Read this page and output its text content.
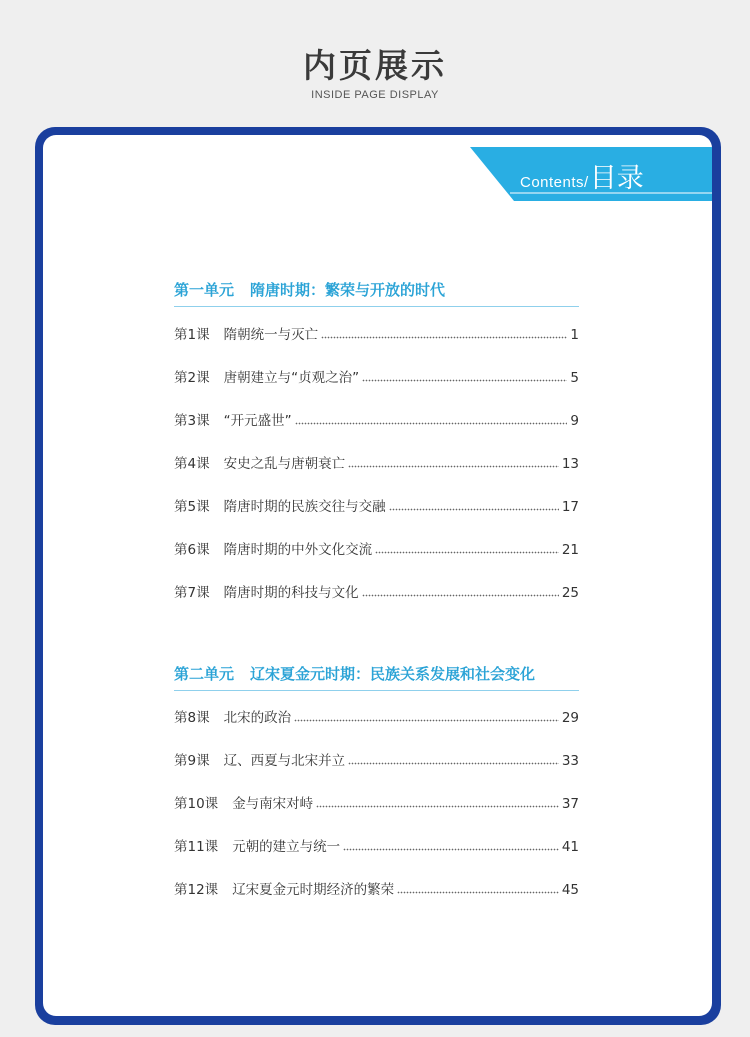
内页展示
INSIDE PAGE DISPLAY
Contents/目录
第一单元 隋唐时期：繁荣与开放的时代
第1课 隋朝统一与灭亡	1
第2课 唐朝建立与“贞观之治”	5
第3课 “开元盛世”	9
第4课 安史之乱与唐朝衰亡	13
第5课 隋唐时期的民族交往与交融	17
第6课 隋唐时期的中外文化交流	21
第7课 隋唐时期的科技与文化	25
第二单元 辽宋夏金元时期：民族关系发展和社会变化
第8课 北宋的政治	29
第9课 辽、西夏与北宋并立	33
第10课 金与南宋对峙	37
第11课 元朝的建立与统一	41
第12课 辽宋夏金元时期经济的繁荣	45
